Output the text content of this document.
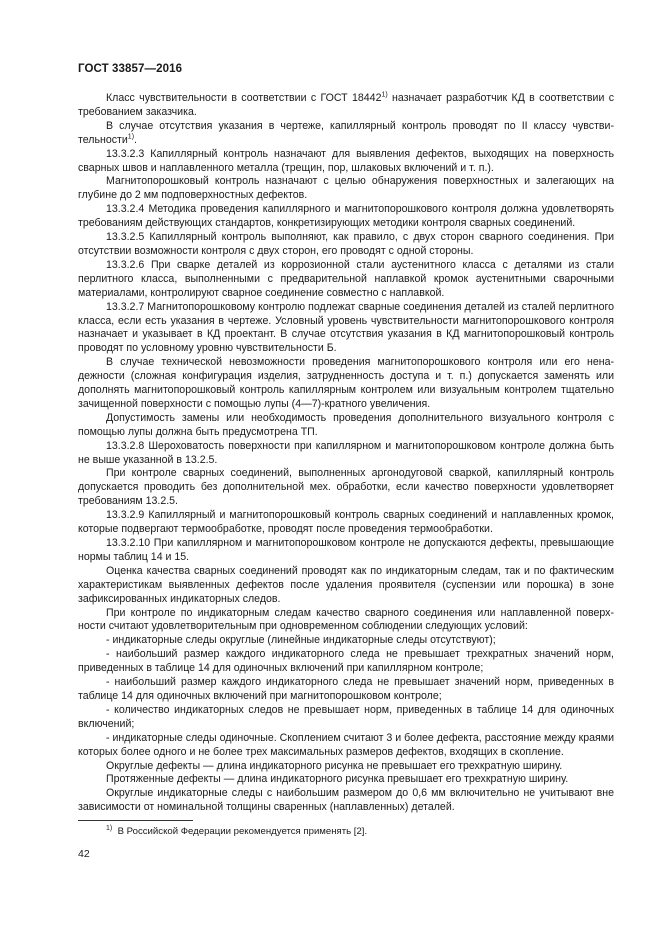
ГОСТ 33857—2016

Класс чувствительности в соответствии с ГОСТ 18442$^{1)}$ назначает разработчик КД в соответствии с требованием заказчика.

В случае отсутствия указания в чертеже, капиллярный контроль проводят по II классу чувствительности$^{1)}$.

13.3.2.3 Капиллярный контроль назначают для выявления дефектов, выходящих на поверхность сварных швов и наплавленного металла (трещин, пор, шлаковых включений и т. п.).

Магнитопорошковый контроль назначают с целью обнаружения поверхностных и залегающих на глубине до 2 мм подповерхностных дефектов.

13.3.2.4 Методика проведения капиллярного и магнитопорошкового контроля должна удовлетворять требованиям действующих стандартов, конкретизирующих методики контроля сварных соединений.

13.3.2.5 Капиллярный контроль выполняют, как правило, с двух сторон сварного соединения. При отсутствии возможности контроля с двух сторон, его проводят с одной стороны.

13.3.2.6 При сварке деталей из коррозионной стали аустенитного класса с деталями из стали перлитного класса, выполненными с предварительной наплавкой кромок аустенитными сварочными материалами, контролируют сварное соединение совместно с наплавкой.

13.3.2.7 Магнитопорошковому контролю подлежат сварные соединения деталей из сталей перлитного класса, если есть указания в чертеже. Условный уровень чувствительности магнитопорошкового контроля назначает и указывает в КД проектант. В случае отсутствия указания в КД магнитопорошковый контроль проводят по условному уровню чувствительности Б.

В случае технической невозможности проведения магнитопорошкового контроля или его ненадежности (сложная конфигурация изделия, затрудненность доступа и т. п.) допускается заменять или дополнять магнитопорошковый контроль капиллярным контролем или визуальным контролем тщательно зачищенной поверхности с помощью лупы (4—7)-кратного увеличения.

Допустимость замены или необходимость проведения дополнительного визуального контроля с помощью лупы должна быть предусмотрена ТП.

13.3.2.8 Шероховатость поверхности при капиллярном и магнитопорошковом контроле должна быть не выше указанной в 13.2.5.

При контроле сварных соединений, выполненных аргонодуговой сваркой, капиллярный контроль допускается проводить без дополнительной мех. обработки, если качество поверхности удовлетворяет требованиям 13.2.5.

13.3.2.9 Капиллярный и магнитопорошковый контроль сварных соединений и наплавленных кромок, которые подвергают термообработке, проводят после проведения термообработки.

13.3.2.10 При капиллярном и магнитопорошковом контроле не допускаются дефекты, превышающие нормы таблиц 14 и 15.

Оценка качества сварных соединений проводят как по индикаторным следам, так и по фактическим характеристикам выявленных дефектов после удаления проявителя (суспензии или порошка) в зоне зафиксированных индикаторных следов.

При контроле по индикаторным следам качество сварного соединения или наплавленной поверхности считают удовлетворительным при одновременном соблюдении следующих условий:

- индикаторные следы округлые (линейные индикаторные следы отсутствуют);

- наибольший размер каждого индикаторного следа не превышает трехкратных значений норм, приведенных в таблице 14 для одиночных включений при капиллярном контроле;

- наибольший размер каждого индикаторного следа не превышает значений норм, приведенных в таблице 14 для одиночных включений при магнитопорошковом контроле;

- количество индикаторных следов не превышает норм, приведенных в таблице 14 для одиночных включений;

- индикаторные следы одиночные. Скоплением считают 3 и более дефекта, расстояние между краями которых более одного и не более трех максимальных размеров дефектов, входящих в скопление.

Округлые дефекты — длина индикаторного рисунка не превышает его трехкратную ширину.

Протяженные дефекты — длина индикаторного рисунка превышает его трехкратную ширину.

Округлые индикаторные следы с наибольшим размером до 0,6 мм включительно не учитывают вне зависимости от номинальной толщины сваренных (наплавленных) деталей.

$^{1)}$ В Российской Федерации рекомендуется применять [2].
42
